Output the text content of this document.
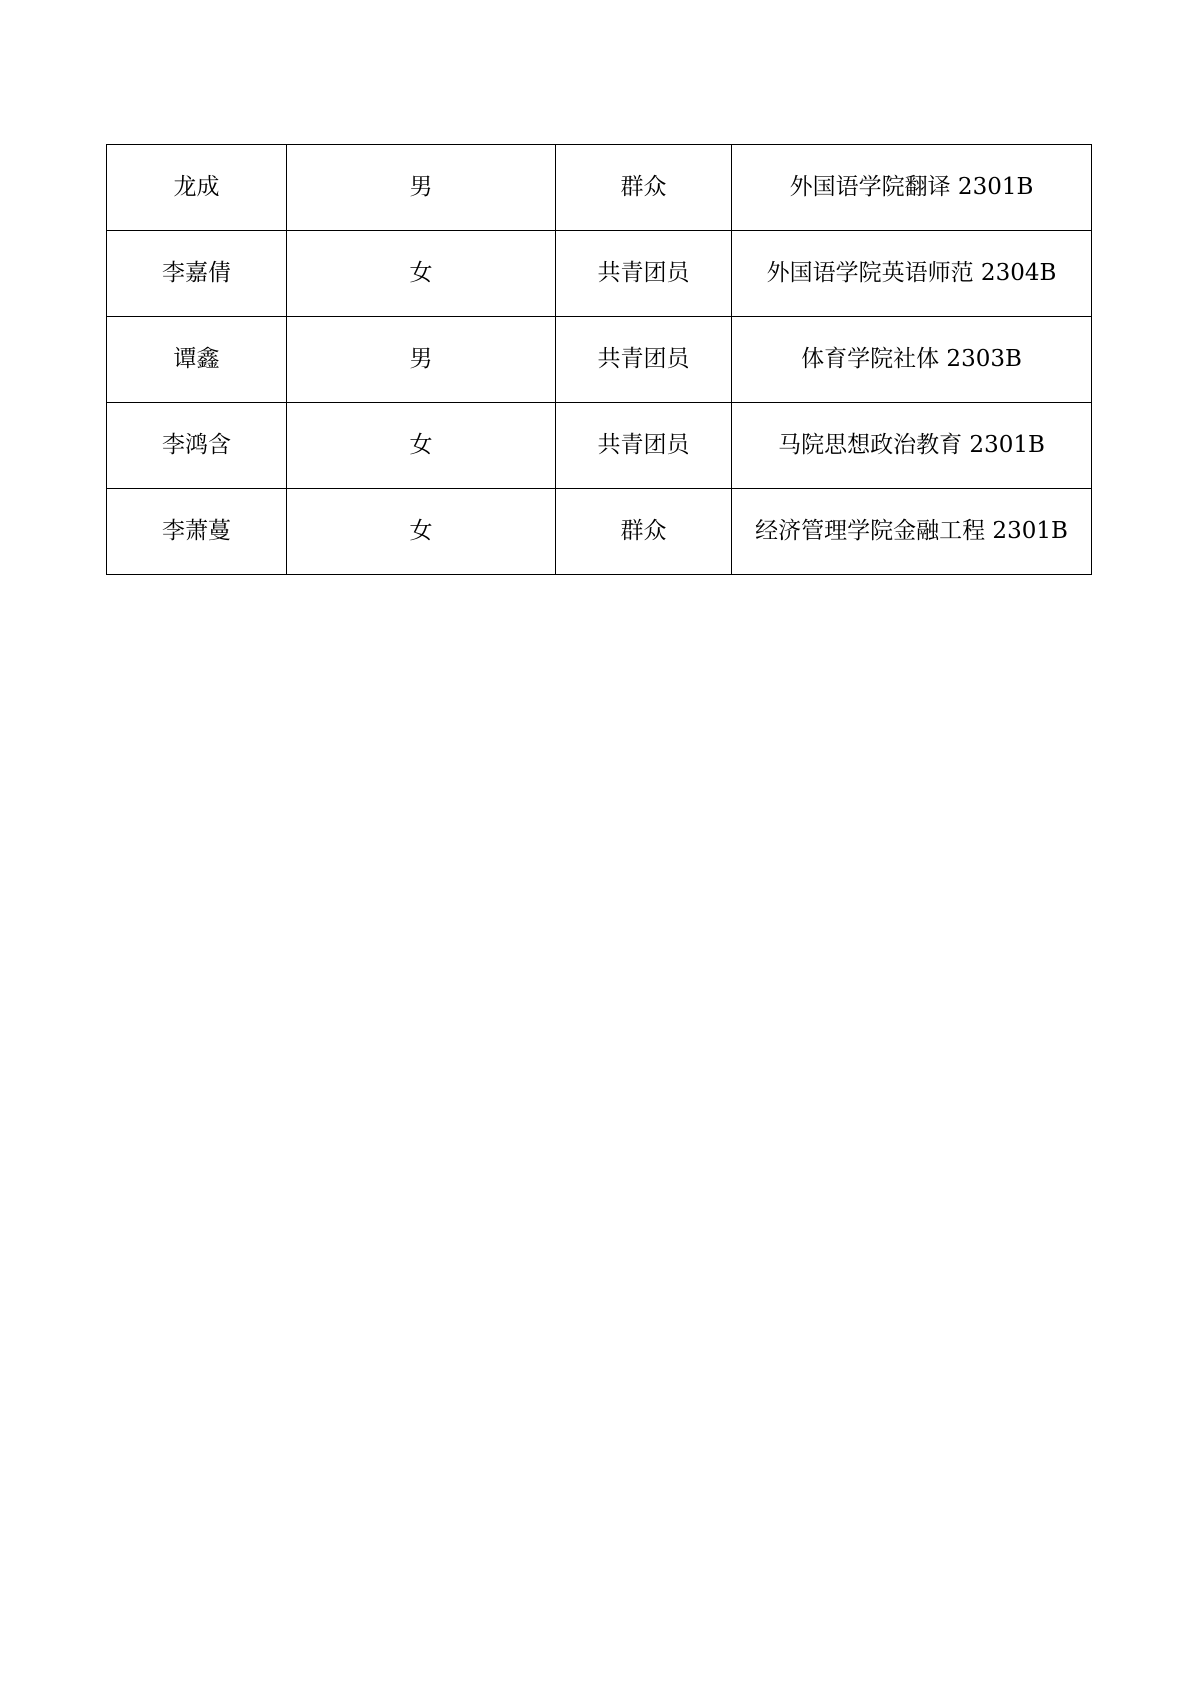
龙成	男	群众	外国语学院翻译 2301B
李嘉倩	女	共青团员	外国语学院英语师范 2304B
谭鑫	男	共青团员	体育学院社体 2303B
李鸿含	女	共青团员	马院思想政治教育 2301B
李萧蔓	女	群众	经济管理学院金融工程 2301B
